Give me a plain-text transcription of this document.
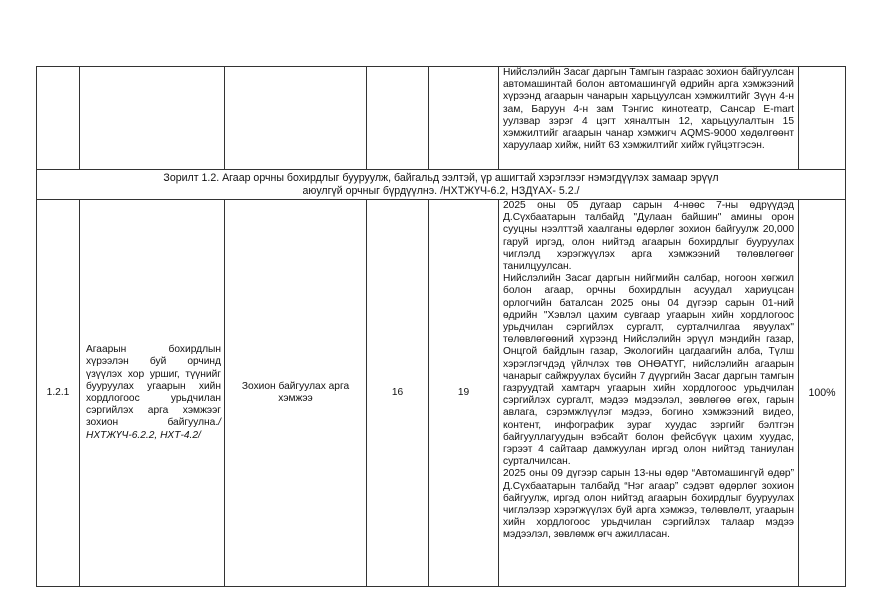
					Нийслэлийн Засаг даргын Тамгын газраас зохион байгуулсан автомашинтай болон автомашингүй өдрийн арга хэмжээний хүрээнд агаарын чанарын харьцуулсан хэмжилтийг Зүүн 4-н зам, Баруун 4-н зам Тэнгис кинотеатр, Сансар Е-mart уулзвар зэрэг 4 цэгт хяналтын 12, харьцуулалтын 15 хэмжилтийг агаарын чанар хэмжигч AQMS-9000 хөдөлгөөнт харуулаар хийж, нийт 63 хэмжилтийг хийж гүйцэтгэсэн.	
Зорилт 1.2. Агаар орчны бохирдлыг бууруулж, байгальд ээлтэй, үр ашигтай хэрэглээг нэмэгдүүлэх замаар эрүүл
аюулгүй орчныг бүрдүүлнэ. /НХТЖҮЧ-6.2, НЗДҮАХ- 5.2./						
1.2.1	Агаарын бохирдлын хүрээлэн буй орчинд үзүүлэх хор уршиг, түүнийг бууруулах угаарын хийн хордлогоос урьдчилан сэргийлэх арга хэмжээг зохион байгуулна./НХТЖҮЧ-6.2.2, НХТ-4.2/	Зохион байгуулах арга хэмжээ	16	19	2025 оны 05 дугаар сарын 4-нөөс 7-ны өдрүүдэд Д.Сүхбаатарын талбайд "Дулаан байшин" амины орон сууцны нээлттэй хаалганы өдөрлөг зохион байгуулж 20,000 гаруй иргэд, олон нийтэд агаарын бохирдлыг бууруулах чиглэлд хэрэгжүүлэх арга хэмжээний төлөвлөгөөг танилцуулсан.

Нийслэлийн Засаг даргын нийгмийн салбар, ногоон хөгжил болон агаар, орчны бохирдлын асуудал хариуцсан орлогчийн баталсан 2025 оны 04 дүгээр сарын 01-ний өдрийн "Хэвлэл цахим сувгаар угаарын хийн хордлогоос урьдчилан сэргийлэх сургалт, сурталчилгаа явуулах" төлөвлөгөөний хүрээнд Нийслэлийн эрүүл мэндийн газар, Онцгой байдлын газар, Экологийн цагдаагийн алба, Түлш хэрэглэгчдэд үйлчлэх төв ОНӨАТҮГ, нийслэлийн агаарын чанарыг сайжруулах бүсийн 7 дүүргийн Засаг даргын тамгын газруудтай хамтарч угаарын хийн хордлогоос урьдчилан сэргийлэх сургалт, мэдээ мэдээлэл, зөвлөгөө өгөх, гарын авлага, сэрэмжлүүлэг мэдээ, богино хэмжээний видео, контент, инфографик зураг хуудас зэргийг бэлтгэн байгууллагуудын вэбсайт болон фейсбүүк цахим хуудас, гэрээт 4 сайтаар дамжуулан иргэд олон нийтэд таниулан сурталчилсан.

2025 оны 09 дүгээр сарын 13-ны өдөр “Автомашингүй өдөр” Д.Сүхбаатарын талбайд “Нэг агаар” сэдэвт өдөрлөг зохион байгуулж, иргэд олон нийтэд агаарын бохирдлыг бууруулах чиглэлээр хэрэгжүүлэх буй арга хэмжээ, төлөвлөлт, угаарын хийн хордлогоос урьдчилан сэргийлэх талаар мэдээ мэдээлэл, зөвлөмж өгч ажилласан.	100%
